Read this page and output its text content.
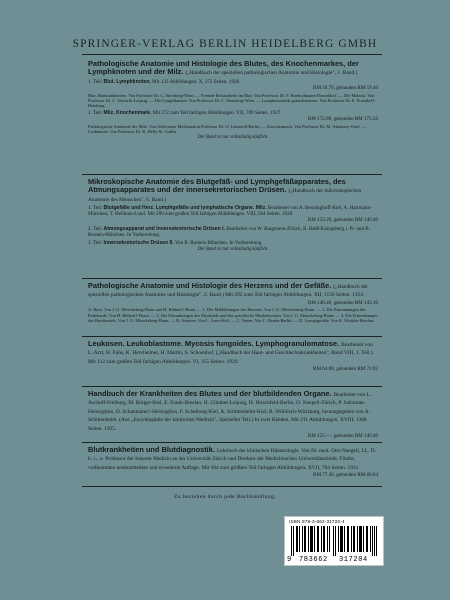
SPRINGER-VERLAG BERLIN HEIDELBERG GMBH
Pathologische Anatomie und Histologie des Blutes, des Knochenmarkes, der Lymphknoten und der Milz. („Handbuch der speziellen pathologischen Anatomie und Histologie", 1. Band.)
1. Teil: Blut. Lymphknoten. Mit 133 Abbildungen. X, 372 Seiten. 1926.
RM 56.70, gebunden RM 59.40
Blut. Blutkrankheiten. Von Professor Dr. C. Sternberg-Wien. — Fremde Bestandteile im Blut. Von Professor Dr. F. Huebschmann-Düsseldorf. — Die Malaria. Von Professor Dr. C. Seyfarth-Leipzig. — Die Lymphknoten. Von Professor Dr. C. Sternberg-Wien. — Lymphomatoide granulomatose. Von Professor Dr. E. Fraenkel†-Hamburg.
2. Teil: Milz. Knochenmark. Mit 272 zum Teil farbigen Abbildungen. VII, 789 Seiten. 1927.
RM 172.80, gebunden RM 175.50
Pathologische Anatomie der Milz. Von Geheimem Medizinalrat Professor Dr. O. Lubarsch-Berlin. — Knochenmark. Von Professor Dr. M. Askanazy-Genf. — Leukämien. Von Professor Dr. K. Helly-St. Gallen.
Der Band ist nur vollständig käuflich.
Mikroskopische Anatomie des Blutgefäß- und Lymphgefäßapparates, des Atmungsapparates und der innersekretorischen Drüsen. („Handbuch der mikroskopischen Anatomie des Menschen", 6. Band.)
1. Teil: Blutgefäße und Herz. Lymphgefäße und lymphatische Organe. Milz. Bearbeitet von A. Benninghoff-Kiel, A. Hartmann-München, T. Hellman-Lund. Mit 299 zum großen Teil farbigen Abbildungen. VIII, 584 Seiten. 1930.
RM 133.20, gebunden RM 140.40
2. Teil: Atmungsapparat und Innersekretorische Drüsen I. Bearbeitet von W. Bargmann-Zürich, R. Heiß-Königsberg i. Pr. und B. Romeis-München. In Vorbereitung.
3. Teil: Innersekretorische Drüsen II. Von B. Romeis-München. In Vorbereitung.
Der Band ist nur vollständig käuflich.
Pathologische Anatomie und Histologie des Herzens und der Gefäße. („Handbuch der speziellen pathologischen Anatomie und Histologie", 2. Band.) Mit 292 zum Teil farbigen Abbildungen. XII, 1159 Seiten. 1924.
RM 140.40, gebunden RM 143.10
A. Herz. Von J. G. Mönckeberg-Bonn und H. Ribbert†-Bonn. — 1. Die Mißbildungen des Herzens. Von J. G. Mönckeberg-Bonn. — 2. Die Erkrankungen des Endokards. Von H. Ribbert†-Bonn. — 3. Die Erkrankungen des Myokards und das spezifische Muskelsystem. Von J. G. Mönckeberg-Bonn. — 4. Die Erkrankungen des Herzbeutels. Von J. G. Mönckeberg-Bonn. — B. Arterien. Von L. Jores-Kiel. — C. Venen. Von C. Benda-Berlin. — D. Lymphgefäße. Von K. Winkler-Breslau.
Leukosen. Leukoblastome. Mycosis fungoides. Lymphogranulomatose. Bearbeitet von L. Arzt, H. Fuhs, K. Herxheimer, H. Martin, S. Schoenhof. („Handbuch der Haut- und Geschlechtskrankheiten", Band VIII, 1. Teil.) Mit 112 zum großen Teil farbigen Abbildungen. VI, 355 Seiten. 1929.
RM 64.80, gebunden RM 70.92
Handbuch der Krankheiten des Blutes und der blutbildenden Organe. Bearbeitet von L. Aschoff-Freiburg, M. Bürger-Kiel, E. Frank-Breslau, H. Günther-Leipzig, H. Hirschfeld-Berlin, O. Naegeli-Zürich, P. Saltzman-Helsingfors, O. Schaumann†-Helsingfors, F. Schellong-Kiel, A. Schittenhelm-Kiel, B. Wöhlisch-Würzburg, herausgegeben von A. Schittenhelm. (Aus „Enzyklopädie der klinischen Medizin", Spezieller Teil.) In zwei Bänden. Mit 211 Abbildungen. XVIII, 1308 Seiten. 1925.
RM 135.—, gebunden RM 140.40
Blutkrankheiten und Blutdiagnostik. Lehrbuch der klinischen Hämatologie. Von Dr. med. Otto Naegeli, LL. D. h. c., o. Professor der Inneren Medizin an der Universität Zürich und Direktor der Medizinischen Universitätsklinik. Fünfte, vollkommen neubearbeitete und erweiterte Auflage. Mit 104 zum größten Teil farbigen Abbildungen. XVII, 704 Seiten. 1931.
RM 77.40, gebunden RM 80.64
Zu beziehen durch jede Buchhandlung.
ISBN 978-3-662-31720-4
9 783662 317204
